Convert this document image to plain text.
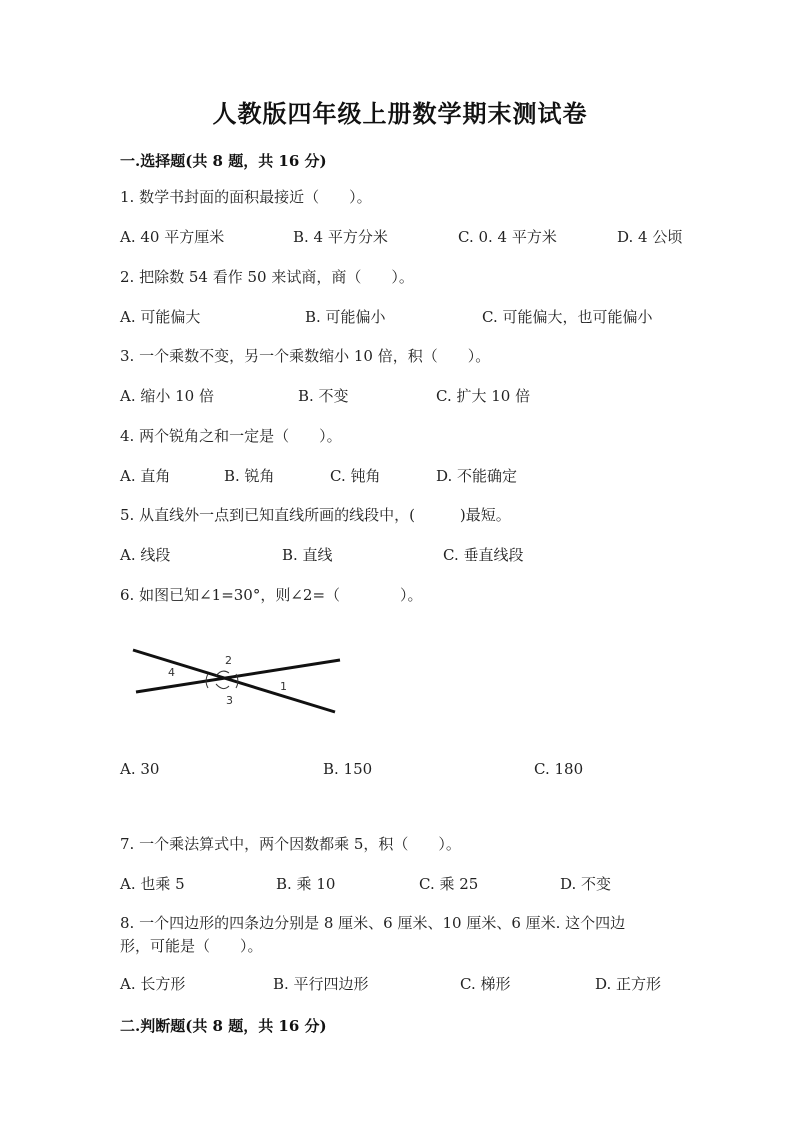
人教版四年级上册数学期末测试卷
一.选择题(共 8 题，共 16 分)
1. 数学书封面的面积最接近（　　）。
A. 40 平方厘米	B. 4 平方分米	C. 0. 4 平方米	D. 4 公顷
2. 把除数 54 看作 50 来试商，商（　　）。
A. 可能偏大	B. 可能偏小	C. 可能偏大，也可能偏小
3. 一个乘数不变，另一个乘数缩小 10 倍，积（　　）。
A. 缩小 10 倍	B. 不变	C. 扩大 10 倍
4. 两个锐角之和一定是（　　）。
A. 直角	B. 锐角	C. 钝角	D. 不能确定
5. 从直线外一点到已知直线所画的线段中，(　　　)最短。
A. 线段	B. 直线	C. 垂直线段
6. 如图已知∠1=30°，则∠2=（　　　　）。
4
2
3
1
A. 30	B. 150	C. 180
7. 一个乘法算式中，两个因数都乘 5，积（　　）。
A. 也乘 5	B. 乘 10	C. 乘 25	D. 不变
8. 一个四边形的四条边分别是 8 厘米、6 厘米、10 厘米、6 厘米. 这个四边
形，可能是（　　）。
A. 长方形	B. 平行四边形	C. 梯形	D. 正方形
二.判断题(共 8 题，共 16 分)
